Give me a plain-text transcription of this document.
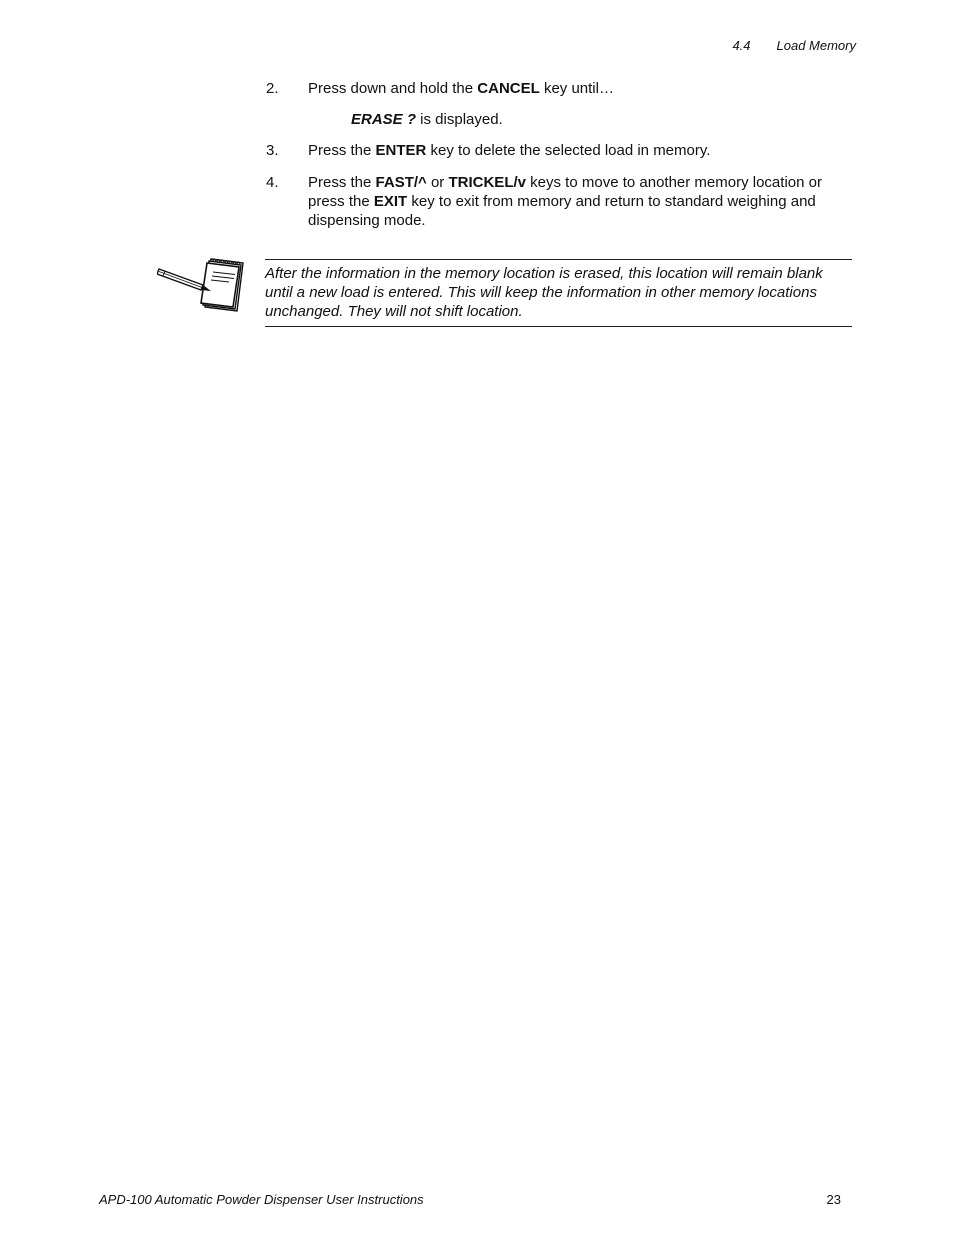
4.4 Load Memory
2.	Press down and hold the CANCEL key until…
ERASE ? is displayed.
3.	Press the ENTER key to delete the selected load in memory.
4.	Press the FAST/^ or TRICKEL/v keys to move to another memory location or press the EXIT key to exit from memory and return to standard weighing and dispensing mode.
After the information in the memory location is erased, this location will remain blank until a new load is entered. This will keep the information in other memory locations unchanged. They will not shift location.
APD-100 Automatic Powder Dispenser User Instructions	23
